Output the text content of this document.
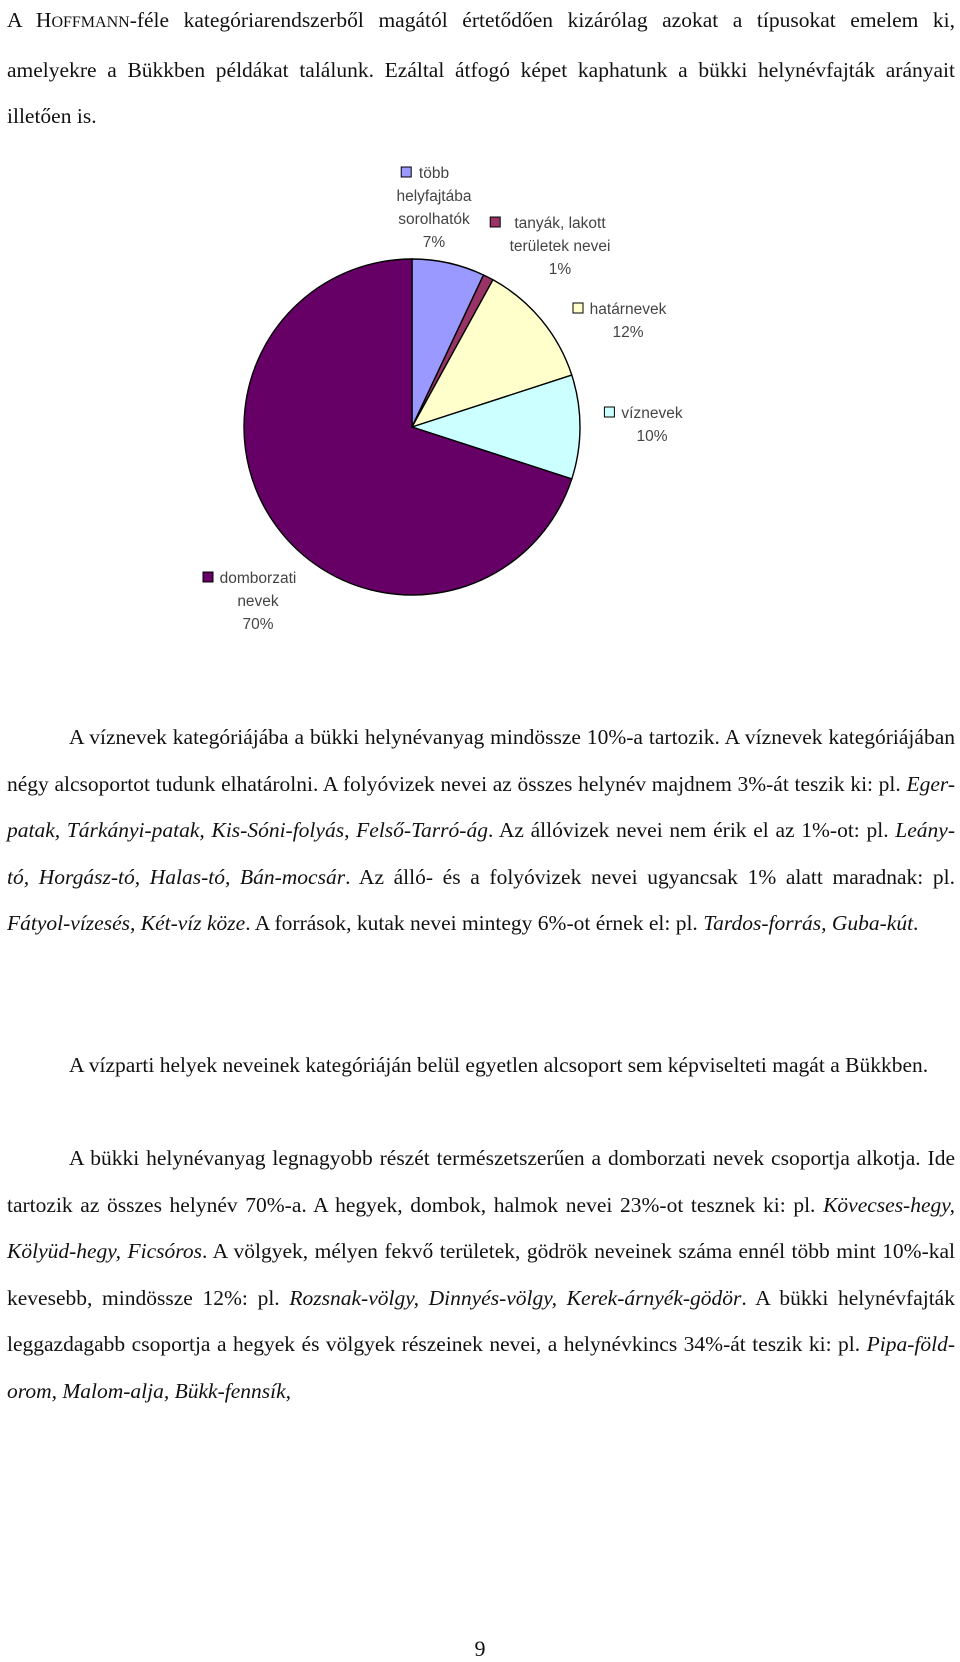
A HOFFMANN-féle kategóriarendszerből magától értetődően kizárólag azokat a típusokat emelem ki, amelyekre a Bükkben példákat találunk. Ezáltal átfogó képet kaphatunk a bükki helynévfajták arányait illetően is.

több
helyfajtába
sorolhatók
7%
tanyák, lakott
területek nevei
1%
határnevek
12%
víznevek
10%
domborzati
nevek
70%

A víznevek kategóriájába a bükki helynévanyag mindössze 10%-a tartozik. A víznevek kategóriájában négy alcsoportot tudunk elhatárolni. A folyóvizek nevei az összes helynév majdnem 3%-át teszik ki: pl. Eger-patak, Tárkányi-patak, Kis-Sóni-folyás, Felső-Tarró-ág. Az állóvizek nevei nem érik el az 1%-ot: pl. Leány-tó, Horgász-tó, Halas-tó, Bán-mocsár. Az álló- és a folyóvizek nevei ugyancsak 1% alatt maradnak: pl. Fátyol-vízesés, Két-víz köze. A források, kutak nevei mintegy 6%-ot érnek el: pl. Tardos-forrás, Guba-kút.

A vízparti helyek neveinek kategóriáján belül egyetlen alcsoport sem képviselteti magát a Bükkben.

A bükki helynévanyag legnagyobb részét természetszerűen a domborzati nevek csoportja alkotja. Ide tartozik az összes helynév 70%-a. A hegyek, dombok, halmok nevei 23%-ot tesznek ki: pl. Kövecses-hegy, Kölyüd-hegy, Ficsóros. A völgyek, mélyen fekvő területek, gödrök neveinek száma ennél több mint 10%-kal kevesebb, mindössze 12%: pl. Rozsnak-völgy, Dinnyés-völgy, Kerek-árnyék-gödör. A bükki helynévfajták leggazdagabb csoportja a hegyek és völgyek részeinek nevei, a helynévkincs 34%-át teszik ki: pl. Pipa-föld-orom, Malom-alja, Bükk-fennsík,

9
